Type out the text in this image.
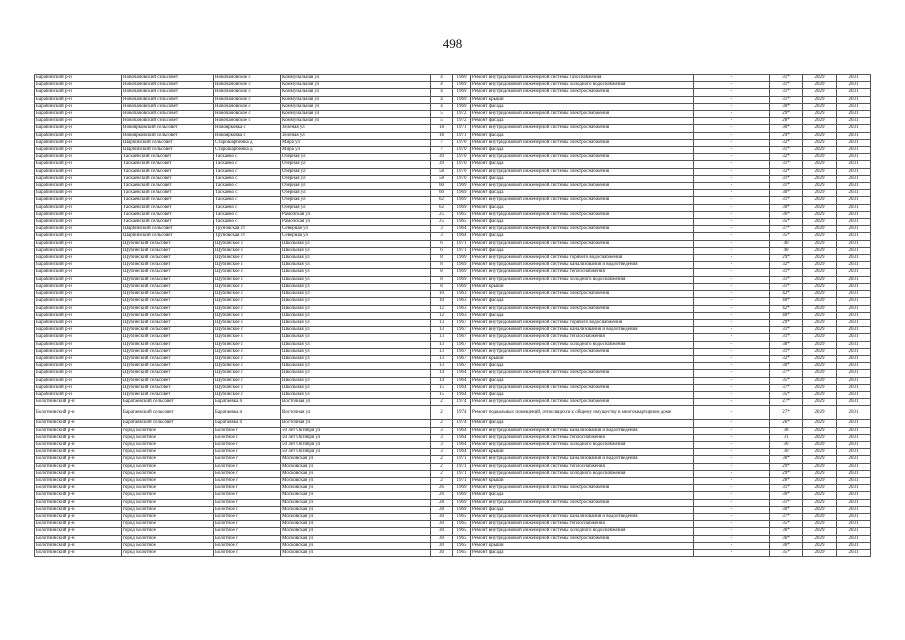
498
Барабинский р-н	Новочановский сельсовет	Новочановское с	Коммунальная ул	4	1969	Ремонт внутридомовой инженерной системы газоснабжения	-	31*	2029	2031
Барабинский р-н	Новочановский сельсовет	Новочановское с	Коммунальная ул	4	1969	Ремонт внутридомовой инженерной системы холодного водоснабжения	-	31*	2029	2031
Барабинский р-н	Новочановский сельсовет	Новочановское с	Коммунальная ул	4	1969	Ремонт внутридомовой инженерной системы электроснабжения	-	31*	2029	2031
Барабинский р-н	Новочановский сельсовет	Новочановское с	Коммунальная ул	4	1969	Ремонт крыши	-	31*	2029	2031
Барабинский р-н	Новочановский сельсовет	Новочановское с	Коммунальная ул	4	1969	Ремонт фасада	-	30*	2029	2031
Барабинский р-н	Новочановский сельсовет	Новочановское с	Коммунальная ул	5	1972	Ремонт внутридомовой инженерной системы электроснабжения	-	29*	2029	2031
Барабинский р-н	Новочановский сельсовет	Новочановское с	Коммунальная ул	5	1972	Ремонт фасада	-	28*	2029	2031
Барабинский р-н	Новоярковский сельсовет	Новоярковка с	Зеленая ул	18	1971	Ремонт внутридомовой инженерной системы электроснабжения	-	30*	2029	2031
Барабинский р-н	Новоярковский сельсовет	Новоярковка с	Зеленая ул	18	1971	Ремонт фасада	-	29*	2029	2031
Барабинский р-н	Шарбинский сельсовет	Старошарбинка д	Мира ул	7	1970	Ремонт внутридомовой инженерной системы электроснабжения	-	32*	2029	2031
Барабинский р-н	Шарбинский сельсовет	Старошарбинка д	Мира ул	7	1970	Ремонт фасада	-	31*	2029	2031
Барабинский р-н	Таскаевский сельсовет	Таскаево с	Озерная ул	39	1970	Ремонт внутридомовой инженерной системы электроснабжения	-	32*	2029	2031
Барабинский р-н	Таскаевский сельсовет	Таскаево с	Озерная ул	39	1970	Ремонт фасада	-	31*	2029	2031
Барабинский р-н	Таскаевский сельсовет	Таскаево с	Озерная ул	58	1970	Ремонт внутридомовой инженерной системы электроснабжения	-	32*	2029	2031
Барабинский р-н	Таскаевский сельсовет	Таскаево с	Озерная ул	58	1970	Ремонт фасада	-	31*	2029	2031
Барабинский р-н	Таскаевский сельсовет	Таскаево с	Озерная ул	60	1969	Ремонт внутридомовой инженерной системы электроснабжения	-	31*	2029	2031
Барабинский р-н	Таскаевский сельсовет	Таскаево с	Озерная ул	60	1969	Ремонт фасада	-	30*	2029	2031
Барабинский р-н	Таскаевский сельсовет	Таскаево с	Озерная ул	62	1969	Ремонт внутридомовой инженерной системы электроснабжения	-	31*	2029	2031
Барабинский р-н	Таскаевский сельсовет	Таскаево с	Озерная ул	62	1969	Ремонт фасада	-	30*	2029	2031
Барабинский р-н	Таскаевский сельсовет	Таскаево с	Рамочская ул	25	1965	Ремонт внутридомовой инженерной системы электроснабжения	-	36*	2029	2031
Барабинский р-н	Таскаевский сельсовет	Таскаево с	Рамочская ул	25	1965	Ремонт фасада	-	35*	2029	2031
Барабинский р-н	Шарбинский сельсовет	Труновская ст	Северная ул	3	1964	Ремонт внутридомовой инженерной системы электроснабжения	-	37*	2029	2031
Барабинский р-н	Шарбинский сельсовет	Труновская ст	Северная ул	3	1964	Ремонт фасада	-	35*	2029	2031
Барабинский р-н	Щубинский сельсовет	Щубинское с	Школьная ул	6	1971	Ремонт внутридомовой инженерной системы электроснабжения	-	40	2029	2031
Барабинский р-н	Щубинский сельсовет	Щубинское с	Школьная ул	6	1971	Ремонт фасада	-	40	2029	2031
Барабинский р-н	Щубинский сельсовет	Щубинское с	Школьная ул	8	1969	Ремонт внутридомовой инженерной системы горячего водоснабжения	-	29*	2029	2031
Барабинский р-н	Щубинский сельсовет	Щубинское с	Школьная ул	8	1969	Ремонт внутридомовой инженерной системы канализования и водоотведения	-	32*	2029	2031
Барабинский р-н	Щубинский сельсовет	Щубинское с	Школьная ул	8	1969	Ремонт внутридомовой инженерной системы теплоснабжения	-	31*	2029	2031
Барабинский р-н	Щубинский сельсовет	Щубинское с	Школьная ул	8	1969	Ремонт внутридомовой инженерной системы холодного водоснабжения	-	31*	2029	2031
Барабинский р-н	Щубинский сельсовет	Щубинское с	Школьная ул	8	1969	Ремонт крыши	-	31*	2029	2031
Барабинский р-н	Щубинский сельсовет	Щубинское с	Школьная ул	10	1963	Ремонт внутридомовой инженерной системы электроснабжения	-	42*	2029	2031
Барабинский р-н	Щубинский сельсовет	Щубинское с	Школьная ул	10	1963	Ремонт фасада	-	40*	2029	2031
Барабинский р-н	Щубинский сельсовет	Щубинское с	Школьная ул	12	1963	Ремонт внутридомовой инженерной системы электроснабжения	-	42*	2029	2031
Барабинский р-н	Щубинский сельсовет	Щубинское с	Школьная ул	12	1963	Ремонт фасада	-	40*	2029	2031
Барабинский р-н	Щубинский сельсовет	Щубинское с	Школьная ул	13	1967	Ремонт внутридомовой инженерной системы горячего водоснабжения	-	29*	2029	2031
Барабинский р-н	Щубинский сельсовет	Щубинское с	Школьная ул	13	1967	Ремонт внутридомовой инженерной системы канализования и водоотведения	-	31*	2029	2031
Барабинский р-н	Щубинский сельсовет	Щубинское с	Школьная ул	13	1967	Ремонт внутридомовой инженерной системы теплоснабжения	-	31*	2029	2031
Барабинский р-н	Щубинский сельсовет	Щубинское с	Школьная ул	13	1967	Ремонт внутридомовой инженерной системы холодного водоснабжения	-	30*	2029	2031
Барабинский р-н	Щубинский сельсовет	Щубинское с	Школьная ул	13	1967	Ремонт внутридомовой инженерной системы электроснабжения	-	31*	2029	2031
Барабинский р-н	Щубинский сельсовет	Щубинское с	Школьная ул	13	1967	Ремонт крыши	-	32*	2029	2031
Барабинский р-н	Щубинский сельсовет	Щубинское с	Школьная ул	13	1967	Ремонт фасада	-	30*	2029	2031
Барабинский р-н	Щубинский сельсовет	Щубинское с	Школьная ул	14	1964	Ремонт внутридомовой инженерной системы электроснабжения	-	37*	2029	2031
Барабинский р-н	Щубинский сельсовет	Щубинское с	Школьная ул	14	1964	Ремонт фасада	-	35*	2029	2031
Барабинский р-н	Щубинский сельсовет	Щубинское с	Школьная ул	15	1964	Ремонт внутридомовой инженерной системы электроснабжения	-	37*	2029	2031
Барабинский р-н	Щубинский сельсовет	Щубинское с	Школьная ул	15	1964	Ремонт фасада	-	35*	2029	2031
Болотнинский р-н	Баратаевский сельсовет	Баратаевка п	Восточная ул	2	1974	Ремонт внутридомовой инженерной системы электроснабжения	-	27*	2029	2031
Болотнинский р-н	Баратаевский сельсовет	Баратаевка п	Восточная ул	2	1974	Ремонт подвальных помещений, относящихся к общему имуществу в многоквартирном доме	-	27*	2029	2031
Болотнинский р-н	Баратаевский сельсовет	Баратаевка п	Восточная ул	2	1974	Ремонт фасада	-	26*	2029	2031
Болотнинский р-н	город Болотное	Болотное г	50 лет Октября ул	3	1964	Ремонт внутридомовой инженерной системы канализования и водоотведения	-	38	2029	2031
Болотнинский р-н	город Болотное	Болотное г	50 лет Октября ул	3	1964	Ремонт внутридомовой инженерной системы теплоснабжения	-	31	2029	2031
Болотнинский р-н	город Болотное	Болотное г	50 лет Октября ул	3	1964	Ремонт внутридомовой инженерной системы холодного водоснабжения	-	30	2029	2031
Болотнинский р-н	город Болотное	Болотное г	50 лет Октября ул	3	1964	Ремонт крыши	-	30	2029	2031
Болотнинский р-н	город Болотное	Болотное г	Московская ул	2	1971	Ремонт внутридомовой инженерной системы канализования и водоотведения	-	30*	2029	2031
Болотнинский р-н	город Болотное	Болотное г	Московская ул	2	1971	Ремонт внутридомовой инженерной системы теплоснабжения	-	29*	2029	2031
Болотнинский р-н	город Болотное	Болотное г	Московская ул	2	1971	Ремонт внутридомовой инженерной системы холодного водоснабжения	-	29*	2029	2031
Болотнинский р-н	город Болотное	Болотное г	Московская ул	2	1971	Ремонт крыши	-	28*	2029	2031
Болотнинский р-н	город Болотное	Болотное г	Московская ул	26	1969	Ремонт внутридомовой инженерной системы электроснабжения	-	31*	2029	2031
Болотнинский р-н	город Болотное	Болотное г	Московская ул	26	1969	Ремонт фасада	-	30*	2029	2031
Болотнинский р-н	город Болотное	Болотное г	Московская ул	28	1969	Ремонт внутридомовой инженерной системы электроснабжения	-	31*	2029	2031
Болотнинский р-н	город Болотное	Болотное г	Московская ул	28	1969	Ремонт фасада	-	30*	2029	2031
Болотнинский р-н	город Болотное	Болотное г	Московская ул	30	1965	Ремонт внутридомовой инженерной системы канализования и водоотведения	-	37*	2029	2031
Болотнинский р-н	город Болотное	Болотное г	Московская ул	30	1965	Ремонт внутридомовой инженерной системы теплоснабжения	-	35*	2029	2031
Болотнинский р-н	город Болотное	Болотное г	Московская ул	30	1965	Ремонт внутридомовой инженерной системы холодного водоснабжения	-	36*	2029	2031
Болотнинский р-н	город Болотное	Болотное г	Московская ул	30	1965	Ремонт внутридомовой инженерной системы электроснабжения	-	36*	2029	2031
Болотнинский р-н	город Болотное	Болотное г	Московская ул	30	1965	Ремонт крыши	-	36*	2029	2031
Болотнинский р-н	город Болотное	Болотное г	Московская ул	30	1965	Ремонт фасада	-	35*	2029	2031
